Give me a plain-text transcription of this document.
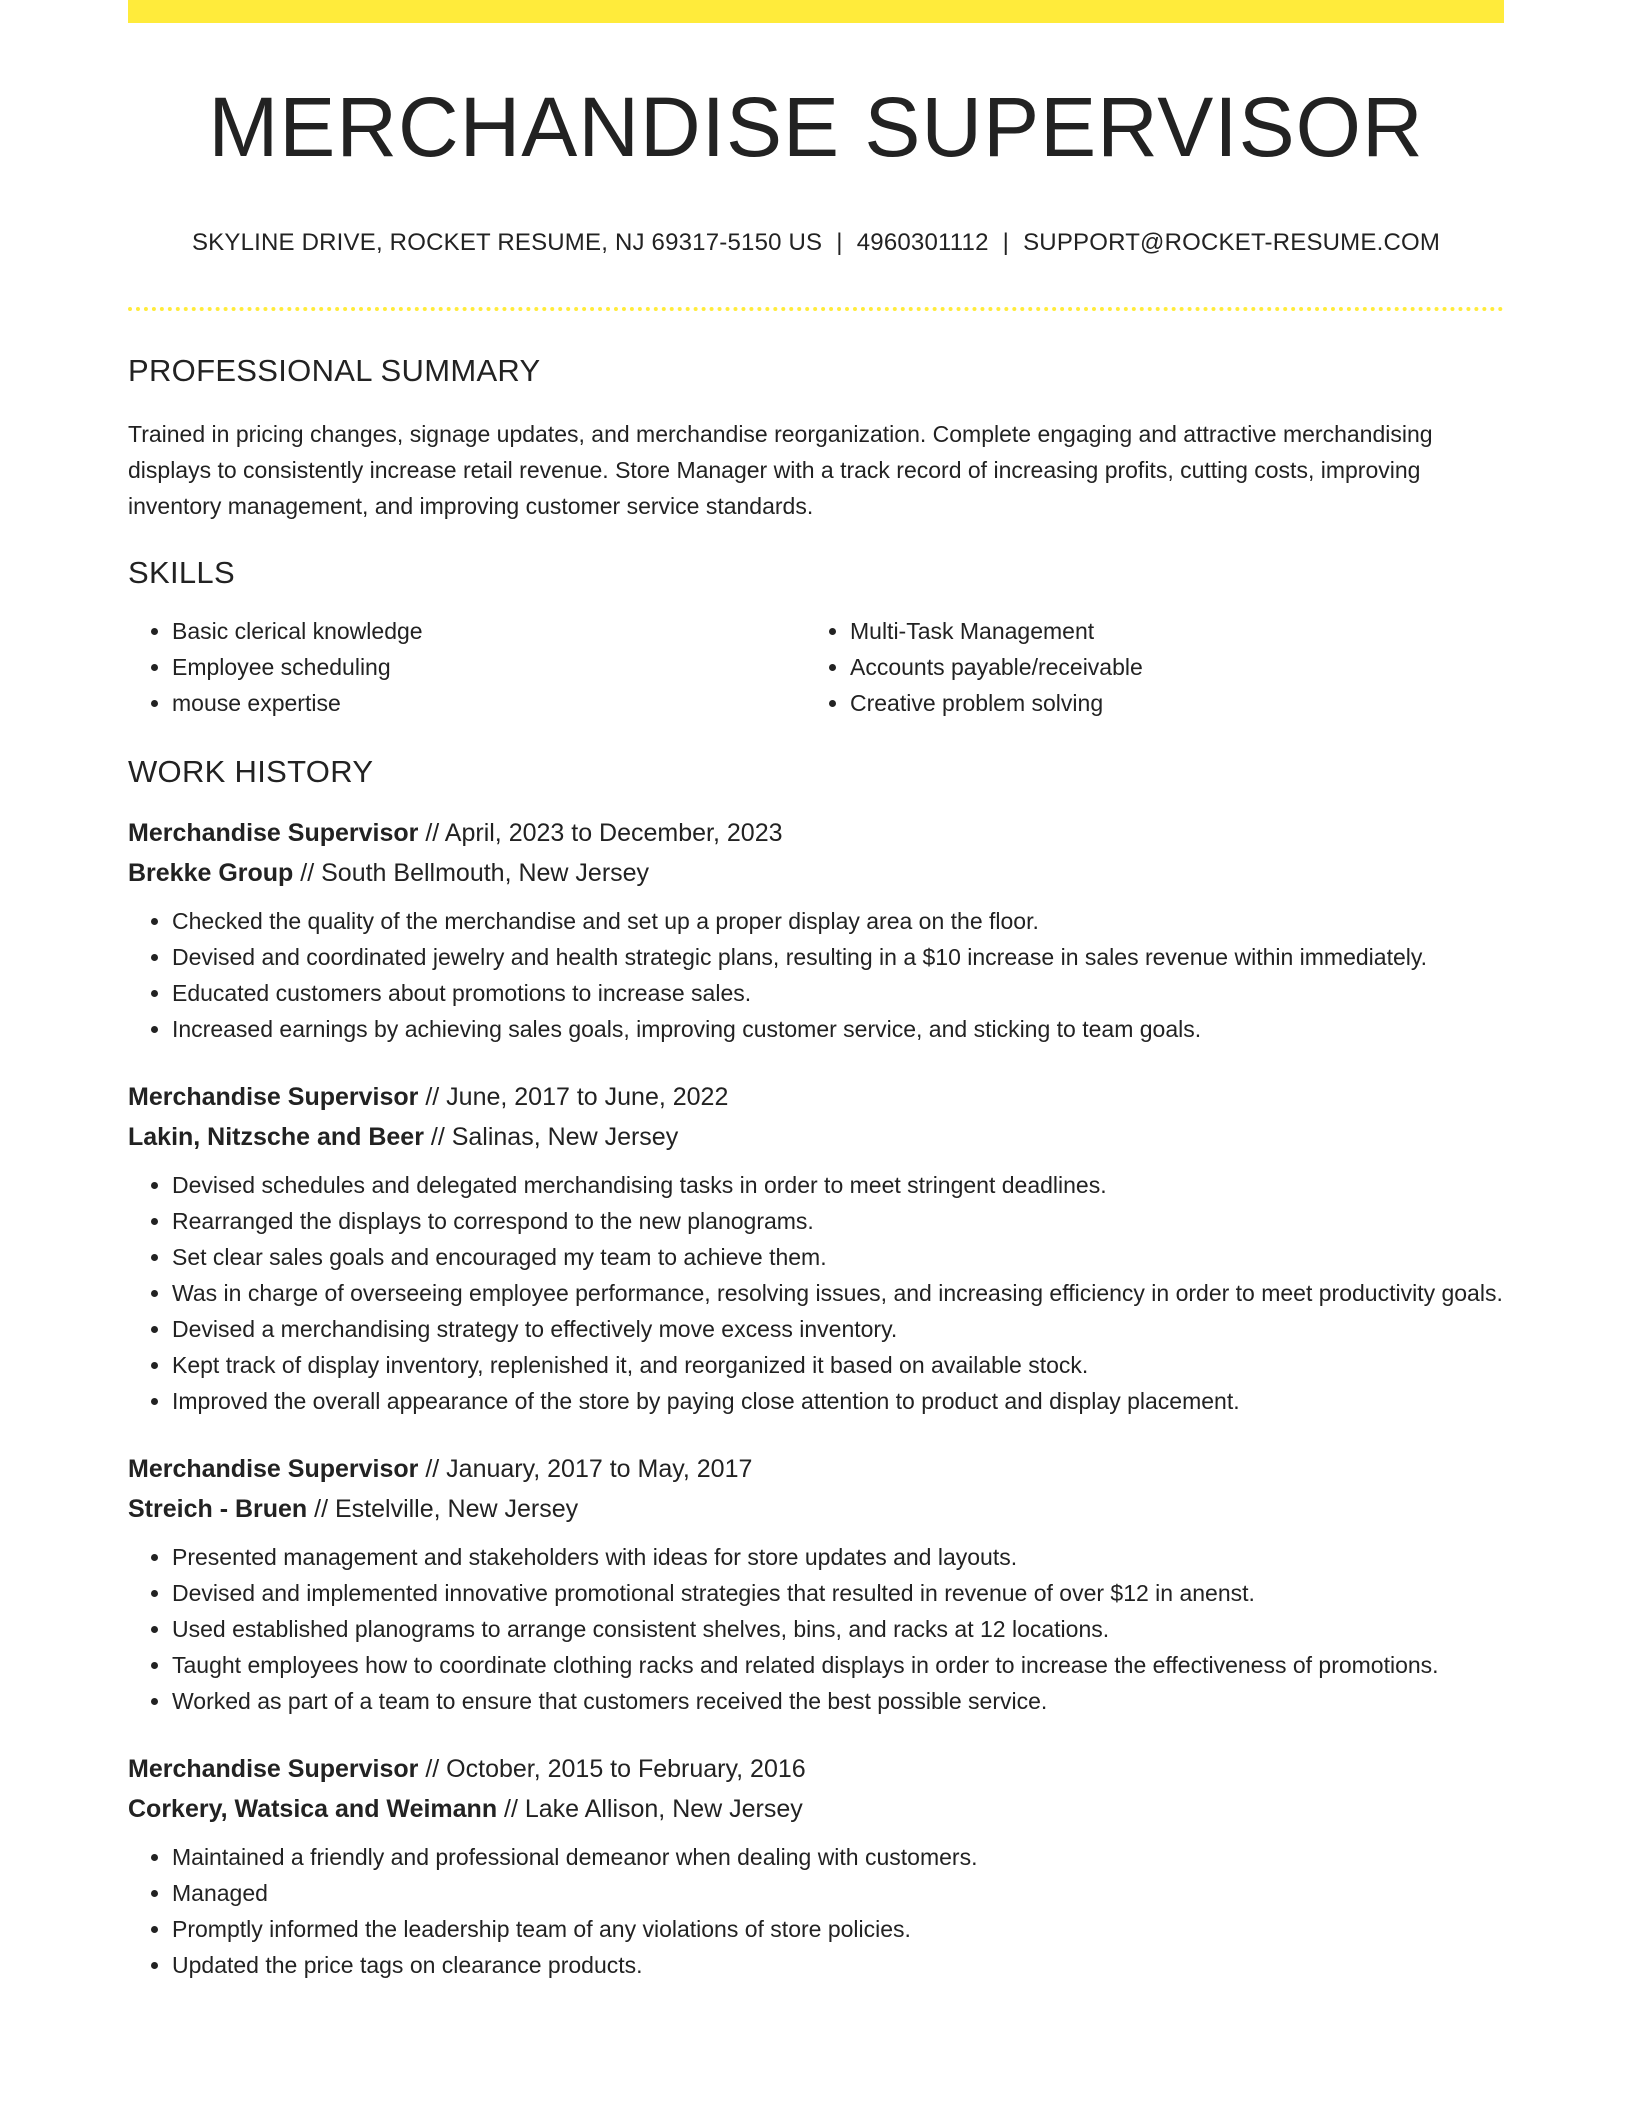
MERCHANDISE SUPERVISOR
SKYLINE DRIVE, ROCKET RESUME, NJ 69317-5150 US | 4960301112 | SUPPORT@ROCKET-RESUME.COM
PROFESSIONAL SUMMARY
Trained in pricing changes, signage updates, and merchandise reorganization. Complete engaging and attractive merchandising displays to consistently increase retail revenue. Store Manager with a track record of increasing profits, cutting costs, improving inventory management, and improving customer service standards.
SKILLS
• Basic clerical knowledge
• Employee scheduling
• mouse expertise
• Multi-Task Management
• Accounts payable/receivable
• Creative problem solving
WORK HISTORY
Merchandise Supervisor // April, 2023 to December, 2023
Brekke Group // South Bellmouth, New Jersey
• Checked the quality of the merchandise and set up a proper display area on the floor.
• Devised and coordinated jewelry and health strategic plans, resulting in a $10 increase in sales revenue within immediately.
• Educated customers about promotions to increase sales.
• Increased earnings by achieving sales goals, improving customer service, and sticking to team goals.
Merchandise Supervisor // June, 2017 to June, 2022
Lakin, Nitzsche and Beer // Salinas, New Jersey
• Devised schedules and delegated merchandising tasks in order to meet stringent deadlines.
• Rearranged the displays to correspond to the new planograms.
• Set clear sales goals and encouraged my team to achieve them.
• Was in charge of overseeing employee performance, resolving issues, and increasing efficiency in order to meet productivity goals.
• Devised a merchandising strategy to effectively move excess inventory.
• Kept track of display inventory, replenished it, and reorganized it based on available stock.
• Improved the overall appearance of the store by paying close attention to product and display placement.
Merchandise Supervisor // January, 2017 to May, 2017
Streich - Bruen // Estelville, New Jersey
• Presented management and stakeholders with ideas for store updates and layouts.
• Devised and implemented innovative promotional strategies that resulted in revenue of over $12 in anenst.
• Used established planograms to arrange consistent shelves, bins, and racks at 12 locations.
• Taught employees how to coordinate clothing racks and related displays in order to increase the effectiveness of promotions.
• Worked as part of a team to ensure that customers received the best possible service.
Merchandise Supervisor // October, 2015 to February, 2016
Corkery, Watsica and Weimann // Lake Allison, New Jersey
• Maintained a friendly and professional demeanor when dealing with customers.
• Managed
• Promptly informed the leadership team of any violations of store policies.
• Updated the price tags on clearance products.
